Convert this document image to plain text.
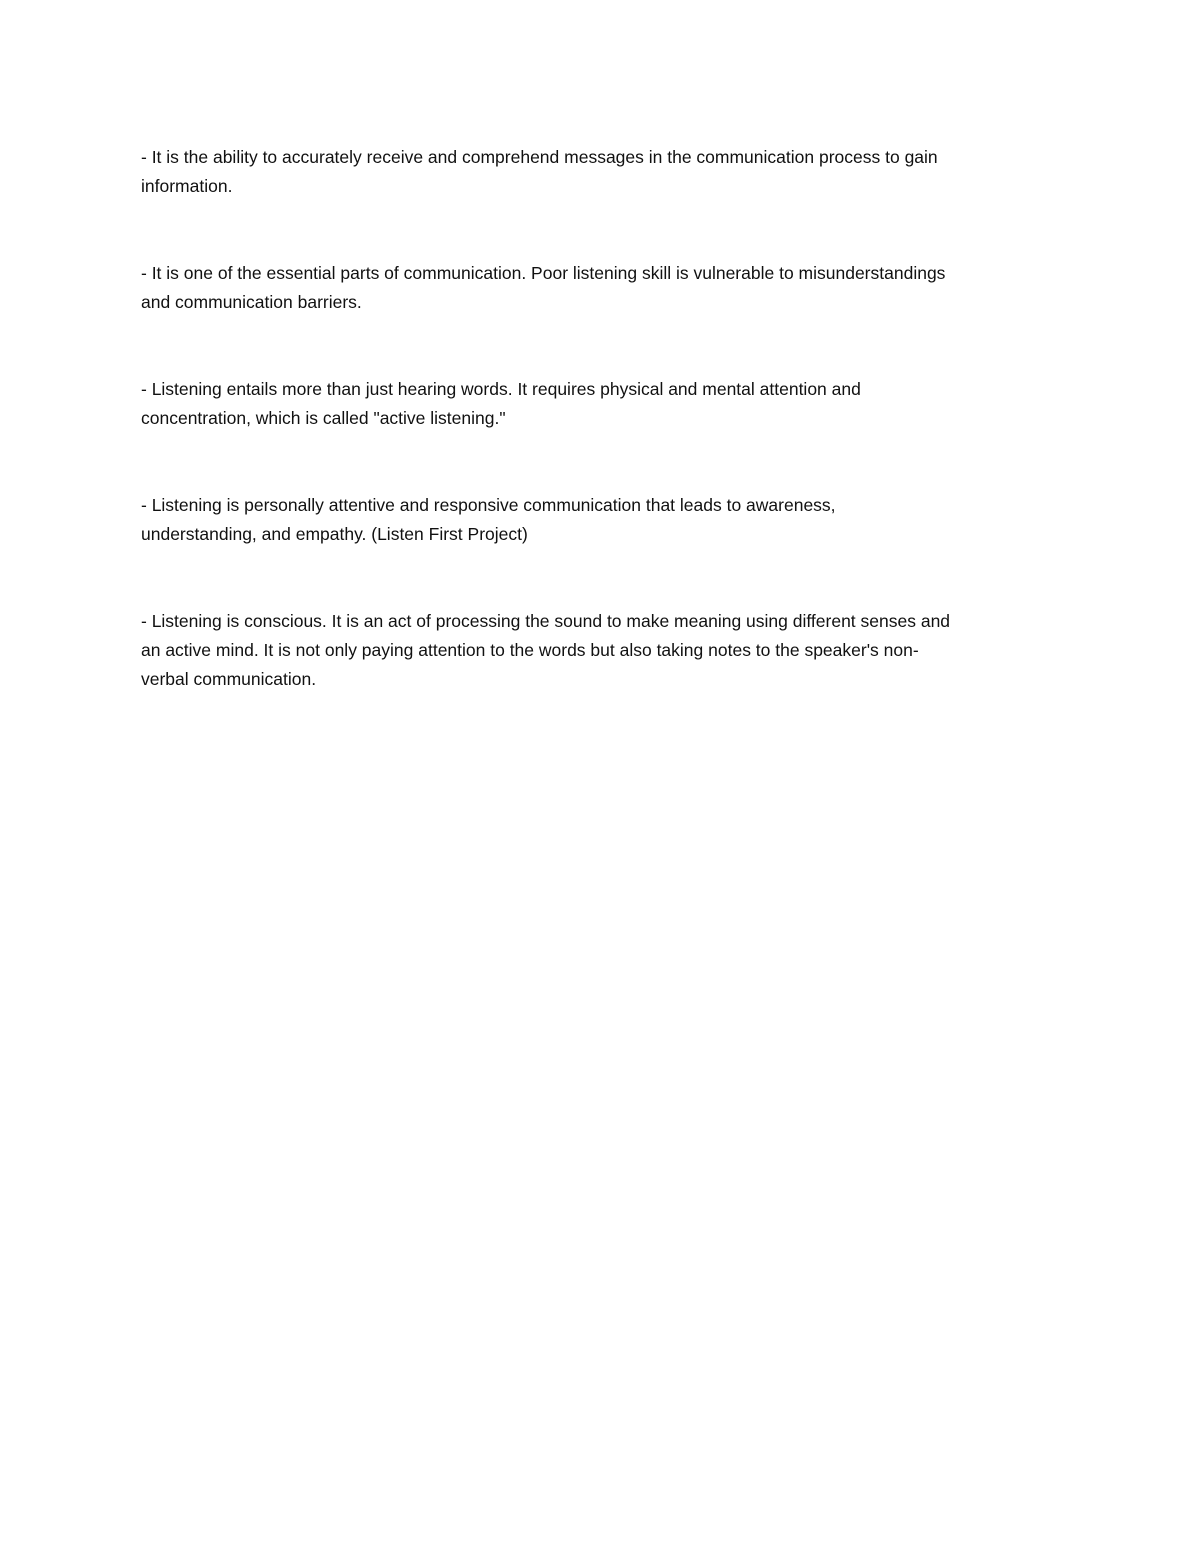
- It is the ability to accurately receive and comprehend messages in the communication process to gain
information.

- It is one of the essential parts of communication. Poor listening skill is vulnerable to misunderstandings
and communication barriers.

- Listening entails more than just hearing words. It requires physical and mental attention and
concentration, which is called "active listening."

- Listening is personally attentive and responsive communication that leads to awareness,
understanding, and empathy. (Listen First Project)

- Listening is conscious. It is an act of processing the sound to make meaning using different senses and
an active mind. It is not only paying attention to the words but also taking notes to the speaker's non-
verbal communication.
